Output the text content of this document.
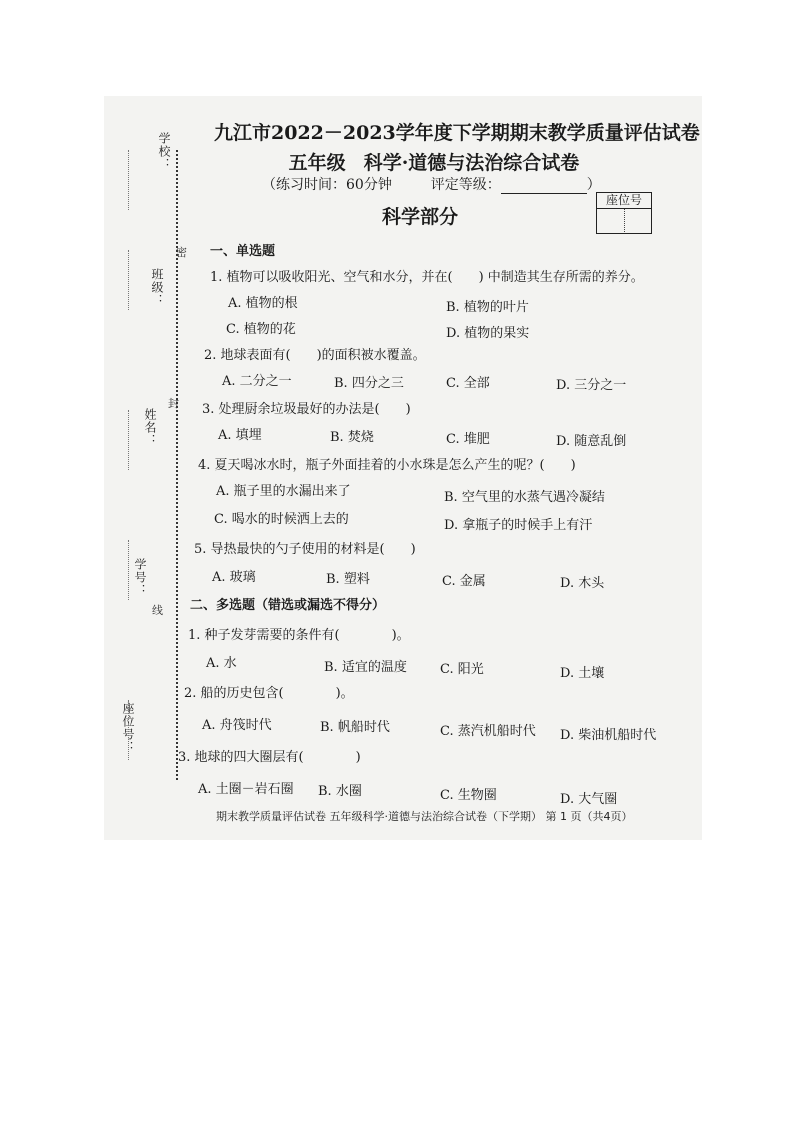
学校：
班级：
姓名：
学号：
座位号：
密
封
线
九江市2022－2023学年度下学期期末教学质量评估试卷
五年级 科学·道德与法治综合试卷
（练习时间：60分钟	评定等级：	）
座位号
科学部分
一、单选题
1. 植物可以吸收阳光、空气和水分，并在(　　) 中制造其生存所需的养分。
A. 植物的根	B. 植物的叶片
C. 植物的花	D. 植物的果实
2. 地球表面有(　　)的面积被水覆盖。
A. 二分之一	B. 四分之三	C. 全部	D. 三分之一
3. 处理厨余垃圾最好的办法是(　　)
A. 填埋	B. 焚烧	C. 堆肥	D. 随意乱倒
4. 夏天喝冰水时，瓶子外面挂着的小水珠是怎么产生的呢？(　　)
A. 瓶子里的水漏出来了	B. 空气里的水蒸气遇冷凝结
C. 喝水的时候洒上去的	D. 拿瓶子的时候手上有汗
5. 导热最快的勺子使用的材料是(　　)
A. 玻璃	B. 塑料	C. 金属	D. 木头
二、多选题（错选或漏选不得分）
1. 种子发芽需要的条件有(　　　　)。
A. 水	B. 适宜的温度	C. 阳光	D. 土壤
2. 船的历史包含(　　　　)。
A. 舟筏时代	B. 帆船时代	C. 蒸汽机船时代 D. 柴油机船时代
3. 地球的四大圈层有(　　　　)
A. 土圈－岩石圈 B. 水圈	C. 生物圈	D. 大气圈
期末教学质量评估试卷 五年级科学·道德与法治综合试卷（下学期） 第 1 页（共4页）
